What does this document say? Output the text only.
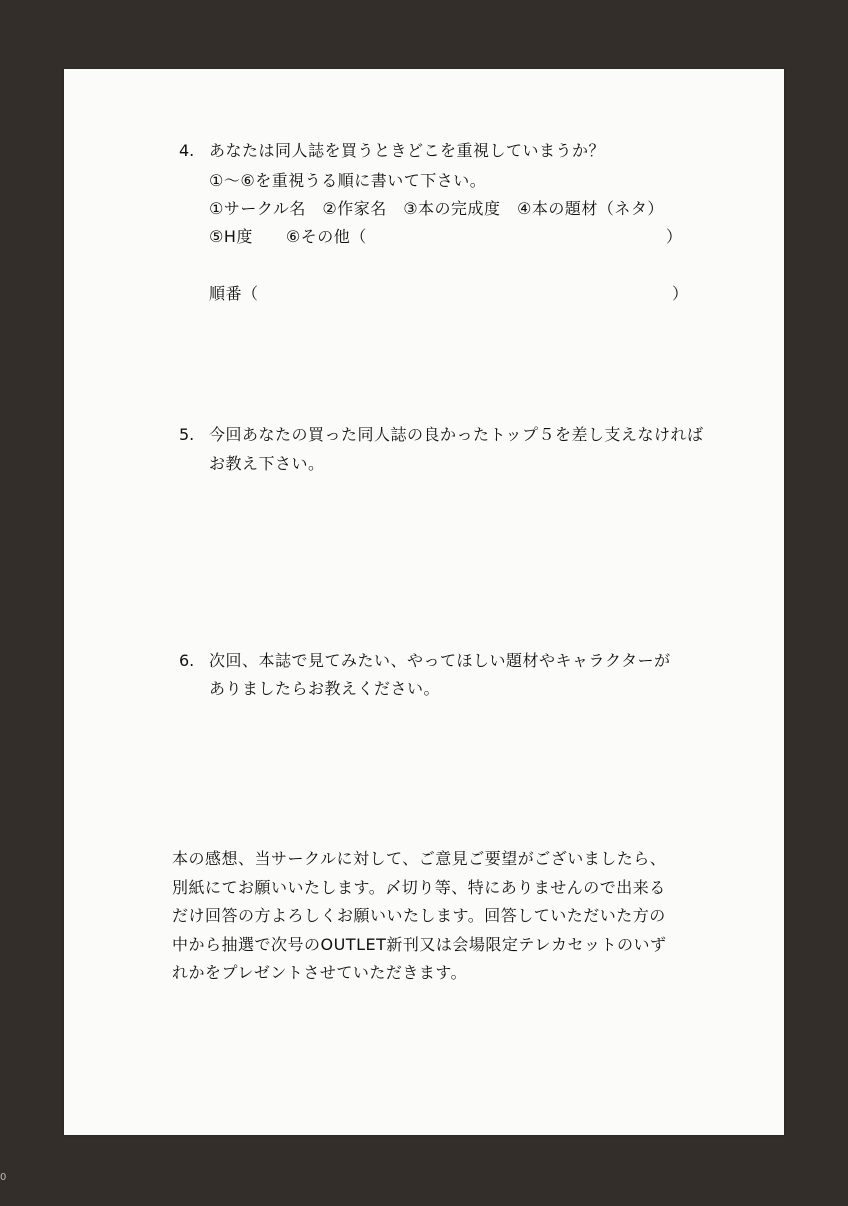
4. あなたは同人誌を買うときどこを重視していまうか？
①〜⑥を重視うる順に書いて下さい。
①サークル名　②作家名　③本の完成度　④本の題材（ネタ）
⑤H度　　⑥その他（	）
順番（	）
5. 今回あなたの買った同人誌の良かったトップ５を差し支えなければ
お教え下さい。
6. 次回、本誌で見てみたい、やってほしい題材やキャラクターが
ありましたらお教えください。
本の感想、当サークルに対して、ご意見ご要望がございましたら、
別紙にてお願いいたします。〆切り等、特にありませんので出来る
だけ回答の方よろしくお願いいたします。回答していただいた方の
中から抽選で次号のOUTLET新刊又は会場限定テレカセットのいず
れかをプレゼントさせていただきます。
0
